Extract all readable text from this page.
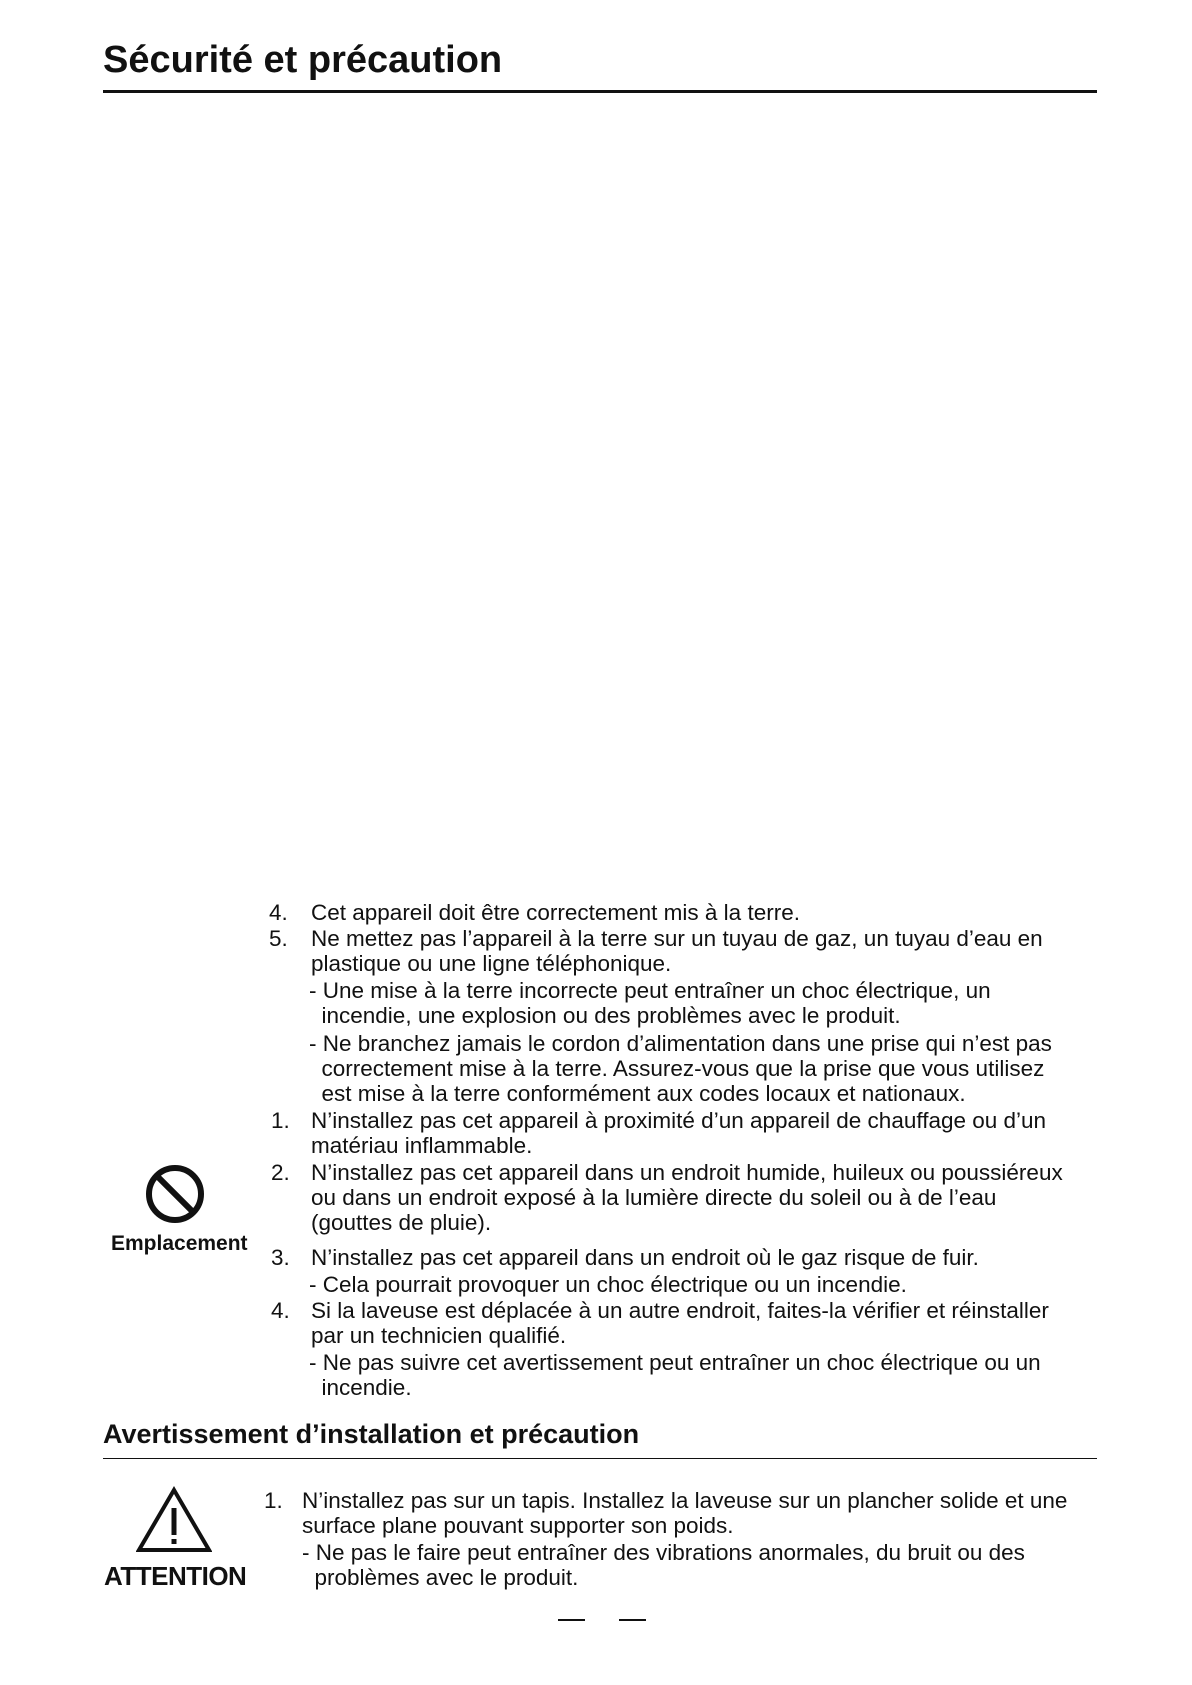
Sécurité et précaution
4. Cet appareil doit être correctement mis à la terre.
5. Ne mettez pas l’appareil à la terre sur un tuyau de gaz, un tuyau d’eau en
plastique ou une ligne téléphonique.
- Une mise à la terre incorrecte peut entraîner un choc électrique, un
incendie, une explosion ou des problèmes avec le produit.
- Ne branchez jamais le cordon d’alimentation dans une prise qui n’est pas
correctement mise à la terre. Assurez-vous que la prise que vous utilisez
est mise à la terre conformément aux codes locaux et nationaux.
1. N’installez pas cet appareil à proximité d’un appareil de chauffage ou d’un
matériau inflammable.
2. N’installez pas cet appareil dans un endroit humide, huileux ou poussiéreux
ou dans un endroit exposé à la lumière directe du soleil ou à de l’eau
(gouttes de pluie).
3. N’installez pas cet appareil dans un endroit où le gaz risque de fuir.
- Cela pourrait provoquer un choc électrique ou un incendie.
4. Si la laveuse est déplacée à un autre endroit, faites-la vérifier et réinstaller
par un technicien qualifié.
- Ne pas suivre cet avertissement peut entraîner un choc électrique ou un
incendie.
Emplacement
Avertissement d’installation et précaution
ATTENTION
1. N’installez pas sur un tapis. Installez la laveuse sur un plancher solide et une
surface plane pouvant supporter son poids.
- Ne pas le faire peut entraîner des vibrations anormales, du bruit ou des
problèmes avec le produit.
